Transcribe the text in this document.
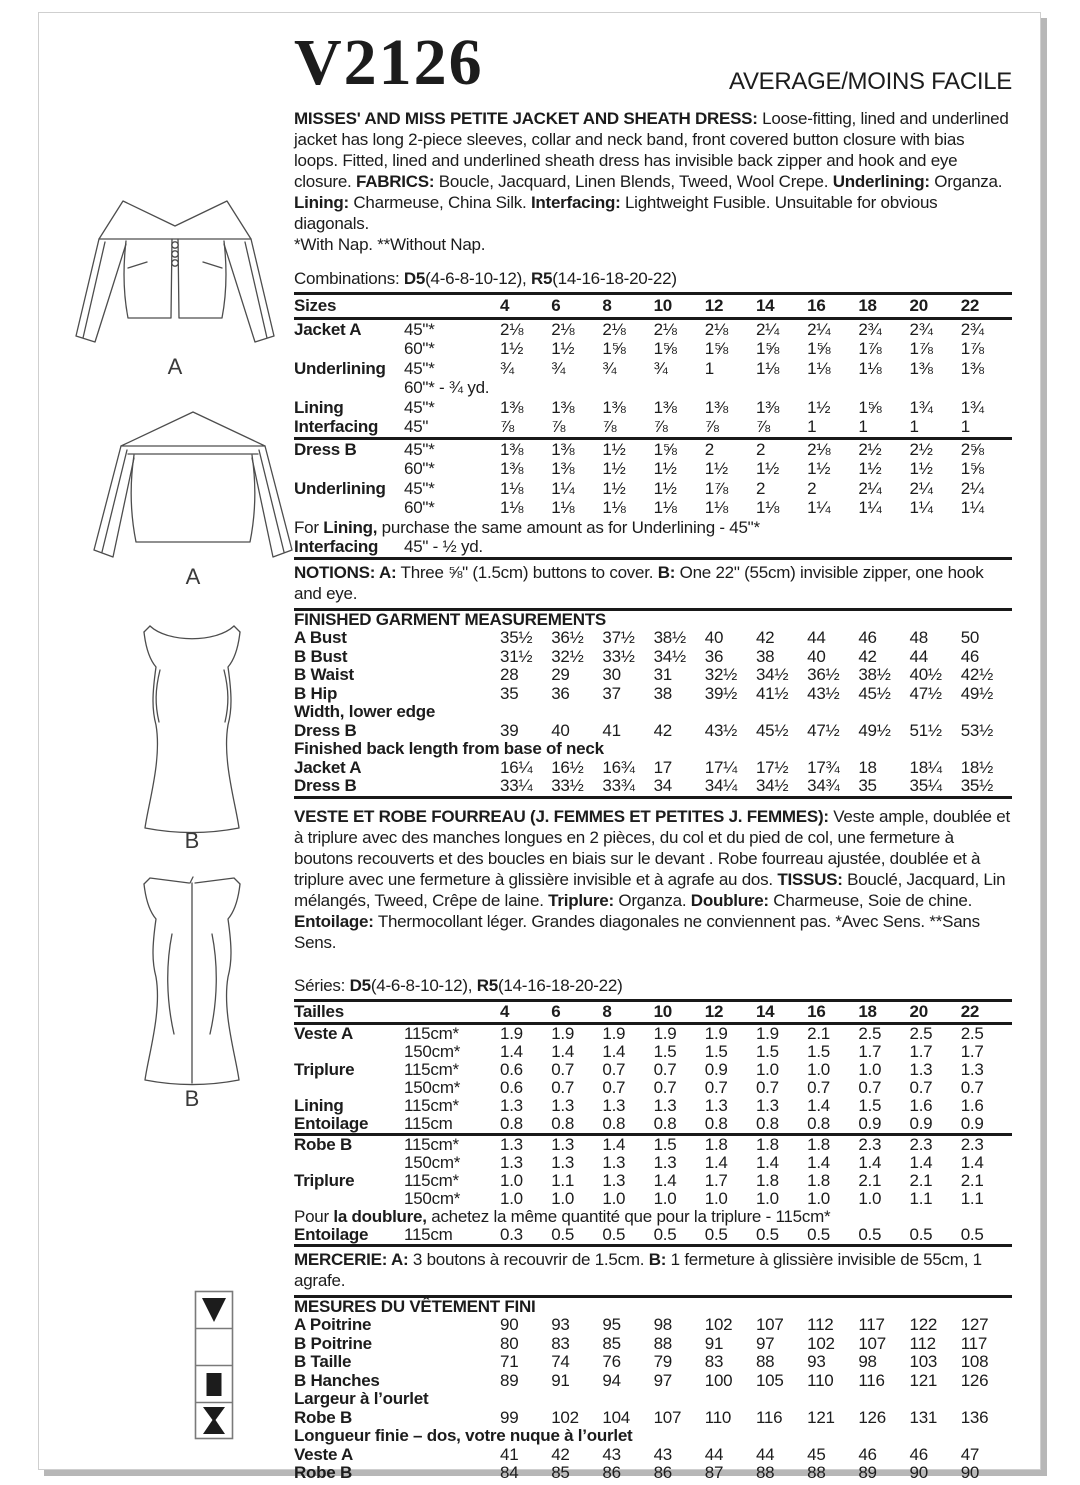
A
A
B
B
V2126	AVERAGE/MOINS FACILE

MISSES' AND MISS PETITE JACKET AND SHEATH DRESS: Loose-fitting, lined and underlined jacket has long 2-piece sleeves, collar and neck band, front covered button closure with bias loops. Fitted, lined and underlined sheath dress has invisible back zipper and hook and eye closure. FABRICS: Boucle, Jacquard, Linen Blends, Tweed, Wool Crepe. Underlining: Organza. Lining: Charmeuse, China Silk. Interfacing: Lightweight Fusible. Unsuitable for obvious diagonals.

*With Nap. **Without Nap.

Combinations: D5(4-6-8-10-12), R5(14-16-18-20-22)

Sizes	4	6	8	10	12	14	16	18	20	22
Jacket A	45"*	2⅛	2⅛	2⅛	2⅛	2⅛	2¼	2¼	2¾	2¾	2¾
60"*	1½	1½	1⅝	1⅝	1⅝	1⅝	1⅝	1⅞	1⅞	1⅞
Underlining	45"*	¾	¾	¾	¾	1	1⅛	1⅛	1⅛	1⅜	1⅜
60"* - ¾ yd.
Lining	45"*	1⅜	1⅜	1⅜	1⅜	1⅜	1⅜	1½	1⅝	1¾	1¾
Interfacing	45"	⅞	⅞	⅞	⅞	⅞	⅞	1	1	1	1
Dress B	45"*	1⅜	1⅜	1½	1⅝	2	2	2⅛	2½	2½	2⅝
60"*	1⅜	1⅜	1½	1½	1½	1½	1½	1½	1½	1⅝
Underlining	45"*	1⅛	1¼	1½	1½	1⅞	2	2	2¼	2¼	2¼
60"*	1⅛	1⅛	1⅛	1⅛	1⅛	1⅛	1¼	1¼	1¼	1¼
For Lining, purchase the same amount as for Underlining - 45"*
Interfacing	45" - ½ yd.

NOTIONS: A: Three ⅝" (1.5cm) buttons to cover. B: One 22" (55cm) invisible zipper, one hook and eye.

FINISHED GARMENT MEASUREMENTS
A Bust	35½	36½	37½	38½	40	42	44	46	48	50
B Bust	31½	32½	33½	34½	36	38	40	42	44	46
B Waist	28	29	30	31	32½	34½	36½	38½	40½	42½
B Hip	35	36	37	38	39½	41½	43½	45½	47½	49½
Width, lower edge
Dress B	39	40	41	42	43½	45½	47½	49½	51½	53½
Finished back length from base of neck
Jacket A	16¼	16½	16¾	17	17¼	17½	17¾	18	18¼	18½
Dress B	33¼	33½	33¾	34	34¼	34½	34¾	35	35¼	35½

VESTE ET ROBE FOURREAU (J. FEMMES ET PETITES J. FEMMES): Veste ample, doublée et à triplure avec des manches longues en 2 pièces, du col et du pied de col, une fermeture à boutons recouverts et des boucles en biais sur le devant . Robe fourreau ajustée, doublée et à triplure avec une fermeture à glissière invisible et à agrafe au dos. TISSUS: Bouclé, Jacquard, Lin mélangés, Tweed, Crêpe de laine. Triplure: Organza. Doublure: Charmeuse, Soie de chine. Entoilage: Thermocollant léger. Grandes diagonales ne conviennent pas. *Avec Sens. **Sans Sens.

Séries: D5(4-6-8-10-12), R5(14-16-18-20-22)

Tailles	4	6	8	10	12	14	16	18	20	22
Veste A	115cm*	1.9	1.9	1.9	1.9	1.9	1.9	2.1	2.5	2.5	2.5
150cm*	1.4	1.4	1.4	1.5	1.5	1.5	1.5	1.7	1.7	1.7
Triplure	115cm*	0.6	0.7	0.7	0.7	0.9	1.0	1.0	1.0	1.3	1.3
150cm*	0.6	0.7	0.7	0.7	0.7	0.7	0.7	0.7	0.7	0.7
Lining	115cm*	1.3	1.3	1.3	1.3	1.3	1.3	1.4	1.5	1.6	1.6
Entoilage	115cm	0.8	0.8	0.8	0.8	0.8	0.8	0.8	0.9	0.9	0.9
Robe B	115cm*	1.3	1.3	1.4	1.5	1.8	1.8	1.8	2.3	2.3	2.3
150cm*	1.3	1.3	1.3	1.3	1.4	1.4	1.4	1.4	1.4	1.4
Triplure	115cm*	1.0	1.1	1.3	1.4	1.7	1.8	1.8	2.1	2.1	2.1
150cm*	1.0	1.0	1.0	1.0	1.0	1.0	1.0	1.0	1.1	1.1
Pour la doublure, achetez la même quantité que pour la triplure - 115cm*
Entoilage	115cm	0.3	0.5	0.5	0.5	0.5	0.5	0.5	0.5	0.5	0.5

MERCERIE: A: 3 boutons à recouvrir de 1.5cm. B: 1 fermeture à glissière invisible de 55cm, 1 agrafe.

MESURES DU VÊTEMENT FINI
A Poitrine	90	93	95	98	102	107	112	117	122	127
B Poitrine	80	83	85	88	91	97	102	107	112	117
B Taille	71	74	76	79	83	88	93	98	103	108
B Hanches	89	91	94	97	100	105	110	116	121	126
Largeur à l’ourlet
Robe B	99	102	104	107	110	116	121	126	131	136
Longueur finie – dos, votre nuque à l’ourlet
Veste A	41	42	43	43	44	44	45	46	46	47
Robe B	84	85	86	86	87	88	88	89	90	90
